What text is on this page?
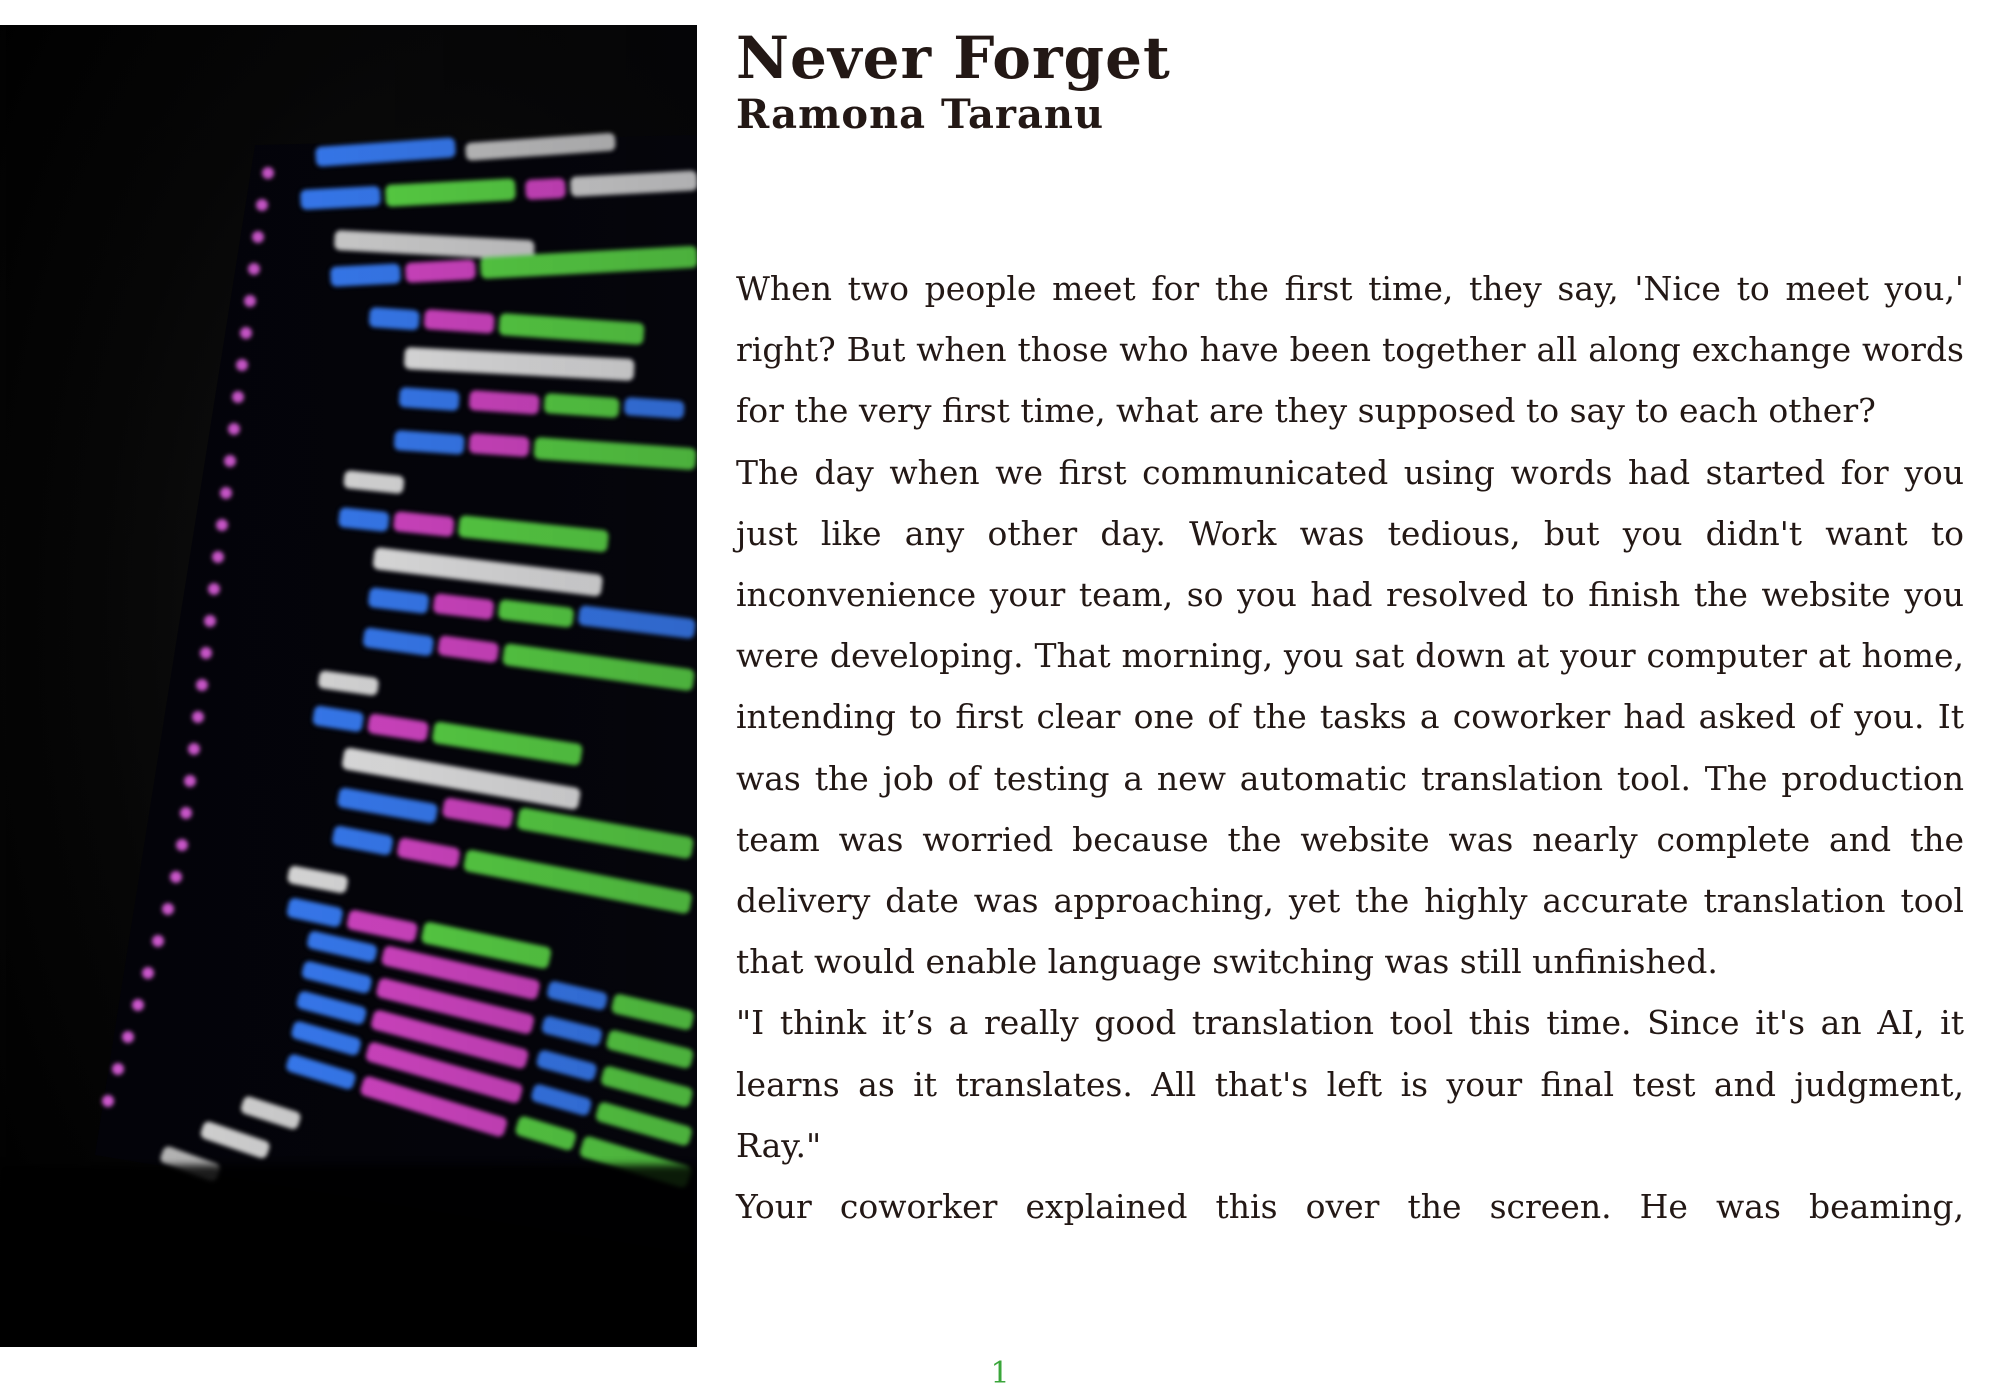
Never Forget
Ramona Taranu

When two people meet for the first time, they say, 'Nice to meet you,' right? But when those who have been together all along exchange words for the very first time, what are they supposed to say to each other?

The day when we first communicated using words had started for you just like any other day. Work was tedious, but you didn't want to inconvenience your team, so you had resolved to finish the website you were developing. That morning, you sat down at your computer at home, intending to first clear one of the tasks a coworker had asked of you. It was the job of testing a new automatic translation tool. The production team was worried because the website was nearly complete and the delivery date was approaching, yet the highly accurate translation tool that would enable language switching was still unfinished.

"I think it’s a really good translation tool this time. Since it's an AI, it learns as it translates. All that's left is your final test and judgment, Ray."

Your coworker explained this over the screen. He was beaming,

1
